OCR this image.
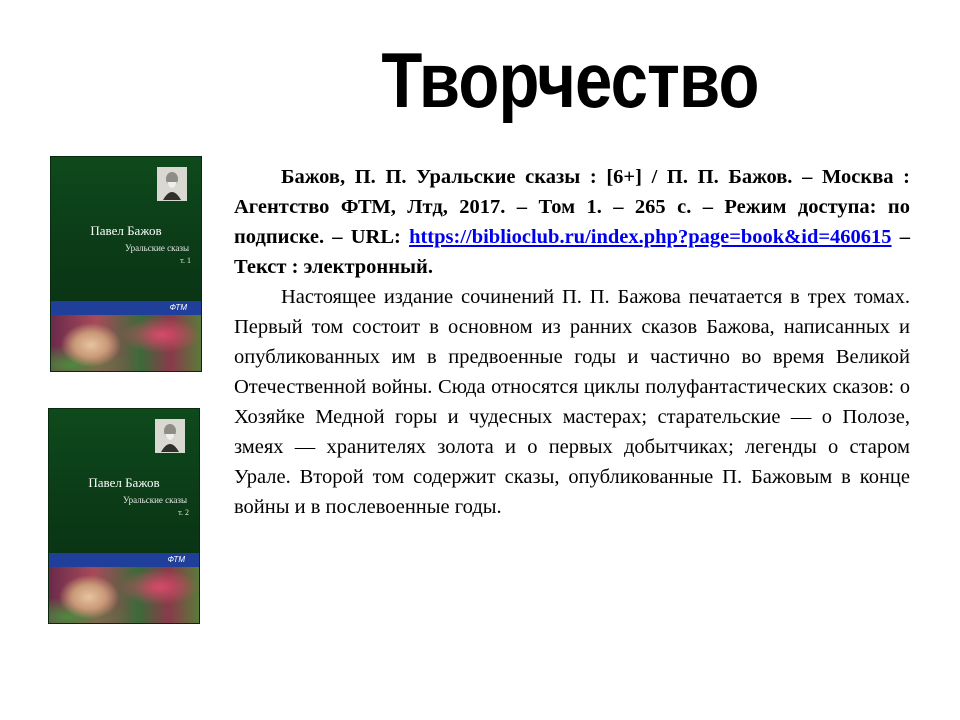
Творчество
Павел Бажов
Уральские сказы
т. 1
ФТМ
Павел Бажов
Уральские сказы
т. 2
ФТМ

Бажов, П. П. Уральские сказы : [6+] / П. П. Бажов. – Москва : Агентство ФТМ, Лтд, 2017. – Том 1. – 265 с. – Режим доступа: по подписке. – URL: https://biblioclub.ru/index.php?page=book&id=460615 – Текст : электронный.

Настоящее издание сочинений П. П. Бажова печатается в трех томах. Первый том состоит в основном из ранних сказов Бажова, написанных и опубликованных им в предвоенные годы и частично во время Великой Отечественной войны. Сюда относятся циклы полуфантастических сказов: о Хозяйке Медной горы и чудесных мастерах; старательские — о Полозе, змеях — хранителях золота и о первых добытчиках; легенды о старом Урале. Второй том содержит сказы, опубликованные П. Бажовым в конце войны и в послевоенные годы.
